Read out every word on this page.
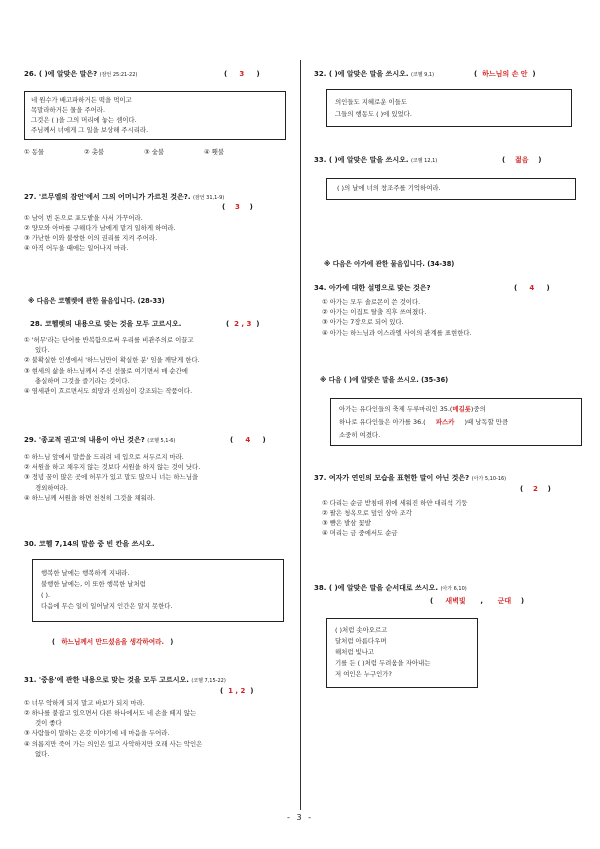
26. ( )에 알맞은 말은? (잠언 25:21-22)	( 3 )
네 원수가 배고파하거든 떡을 먹이고
목말라하거든 물을 주어라.
그것은 ( )을 그의 머리에 놓는 셈이다.
주님께서 너에게 그 일을 보상해 주시리라.
① 동물	② 촛불	③ 숯불	④ 횃불
27. '르무엘의 잠언'에서 그의 어머니가 가르친 것은?. (잠언 31,1-9)
( 3 )
① 남이 번 돈으로 포도밭을 사서 가꾸어라.
② 양모와 아마를 구해다가 남에게 맡겨 일하게 하여라.
③ 가난한 이와 불쌍한 이의 권리를 지켜 주어라.
④ 아직 어두울 때에는 일어나지 마라.
※ 다음은 코헬렛에 관한 물음입니다. (28-33)
28. 코헬렛의 내용으로 맞는 것을 모두 고르시오.	( 2 , 3 )
① '허무'라는 단어를 반복함으로써 우리를 비관주의로 이끌고
있다.
② 불확실한 인생에서 '하느님만이 확실한 분' 임을 깨닫게 한다.
③ 현세의 삶을 하느님께서 주신 선물로 여기면서 매 순간에
충실하며 그것을 즐기라는 것이다.
④ 염세관이 흐르면서도 희망과 신뢰심이 강조되는 작품이다.
29. '종교적 권고'의 내용이 아닌 것은? (코헬 5,1-6)	( 4 )
① 하느님 앞에서 말씀을 드리려 네 입으로 서두르지 마라.
② 서원을 하고 채우지 않는 것보다 서원을 하지 않는 것이 낫다.
③ 정녕 꿈이 많은 곳에 허무가 있고 말도 많으니 너는 하느님을
경외하여라.
④ 하느님께 서원을 하면 천천히 그것을 채워라.
30. 코헬 7,14의 말씀 중 빈 칸을 쓰시오.
행복한 날에는 행복하게 지내라.
불행한 날에는, 이 또한 행복한 날처럼
( ).
다음에 무슨 일이 일어날지 인간은 알지 못한다.
( 하느님께서 만드셨음을 생각하여라. )
31. '중용'에 관한 내용으로 맞는 것을 모두 고르시오. (코헬 7,15-22)
( 1 , 2 )
① 너무 악하게 되지 말고 바보가 되지 마라.
② 하나를 붙잡고 있으면서 다른 하나에서도 네 손을 떼지 않는
것이 좋다
③ 사람들이 말하는 온갖 이야기에 네 마음을 두어라.
④ 의롭지만 죽어 가는 의인은 있고 사악하지만 오래 사는 악인은
없다.
32. ( )에 알맞은 말을 쓰시오. (코헬 9,1)	( 하느님의 손 안 )
의인들도 지혜로운 이들도
그들의 행동도 ( )에 있었다.
33. ( )에 알맞은 말을 쓰시오. (코헬 12,1)	( 젊음 )
( )의 날에 너의 창조주를 기억하여라.
※ 다음은 아가에 관한 물음입니다. (34-38)
34. 아가에 대한 설명으로 맞는 것은?	( 4 )
① 아가는 모두 솔로몬이 쓴 것이다.
② 아가는 이집트 탈출 직후 쓰여졌다.
③ 아가는 7장으로 되어 있다.
④ 아가는 하느님과 이스라엘 사이의 관계를 표현한다.
※ 다음 ( )에 알맞은 말을 쓰시오. (35-36)
아가는 유다인들의 축제 두루마리인 35.(메길롯)중의
하나로 유다인들은 아가를 36.( 파스카 )때 낭독할 만큼
소중히 여겼다.
37. 여자가 연인의 모습을 표현한 말이 아닌 것은? (아가 5,10-16)
( 2 )
① 다리는 순금 받침대 위에 세워진 하얀 대리석 기둥
② 팔은 청옥으로 덮인 상아 조각
③ 뺨은 발삼 꽃밭
④ 머리는 금 중에서도 순금
38. ( )에 알맞은 말을 순서대로 쓰시오. (아가 6,10)
( 새벽빛 , 군대 )
( )처럼 솟아오르고
달처럼 아름다우며
해처럼 빛나고
기를 든 ( )처럼 두려움을 자아내는
저 여인은 누구인가?
- 3 -
